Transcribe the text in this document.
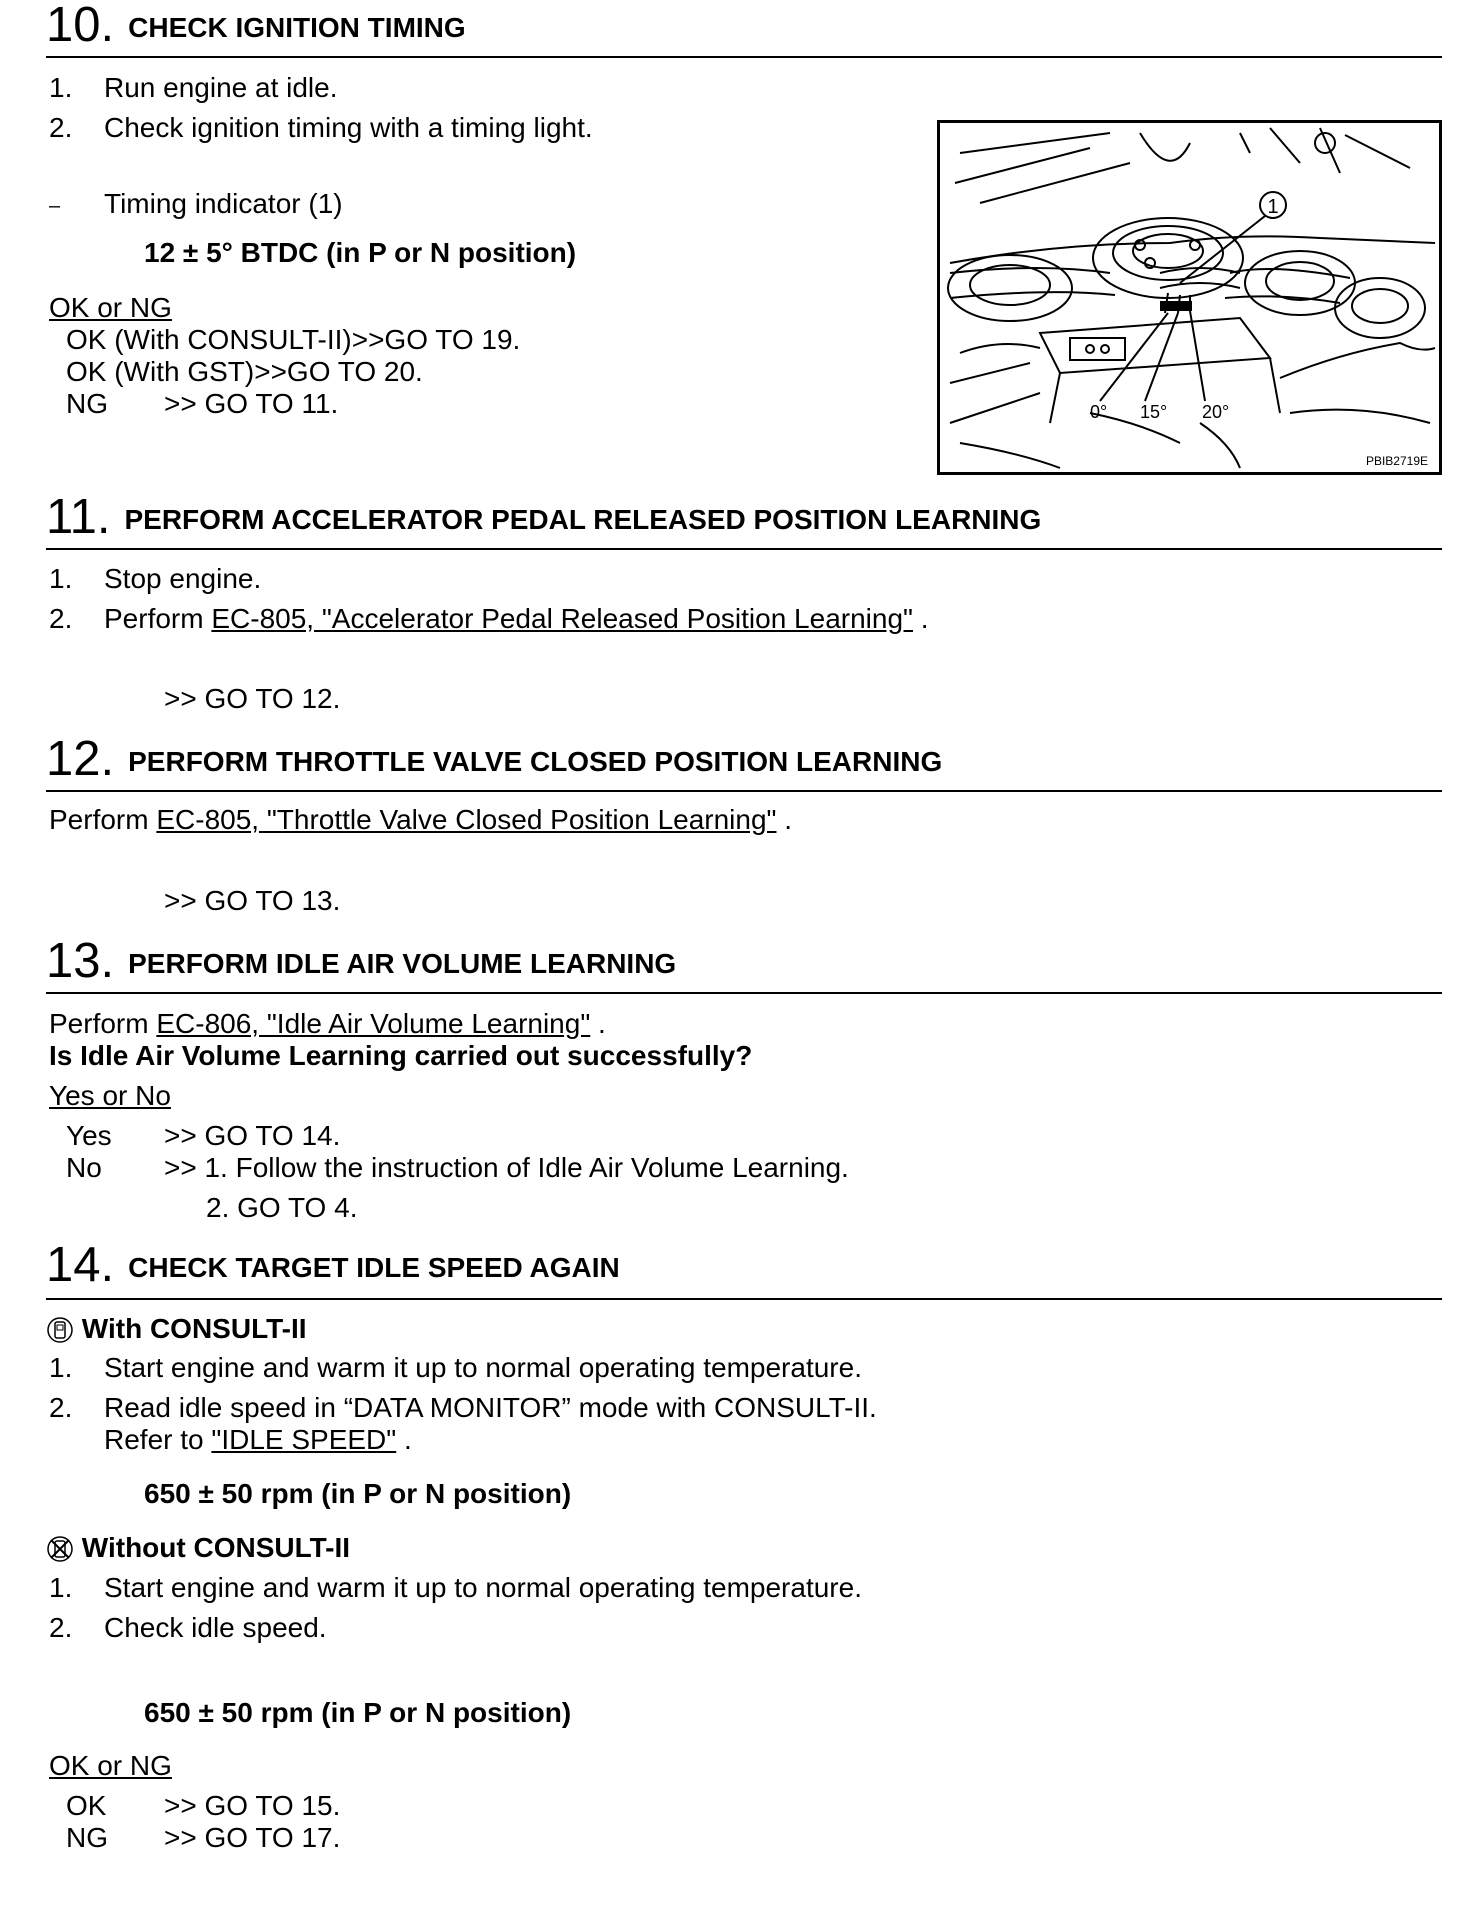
10. CHECK IGNITION TIMING
1. Run engine at idle.
2. Check ignition timing with a timing light.
– Timing indicator (1)
12 ± 5° BTDC (in P or N position)
OK or NG
OK (With CONSULT-II)>>GO TO 19.
OK (With GST)>>GO TO 20.
NG >> GO TO 11.
1
0° 15° 20°
PBIB2719E
11. PERFORM ACCELERATOR PEDAL RELEASED POSITION LEARNING
1. Stop engine.
2. Perform EC-805, "Accelerator Pedal Released Position Learning" .
>> GO TO 12.
12. PERFORM THROTTLE VALVE CLOSED POSITION LEARNING
Perform EC-805, "Throttle Valve Closed Position Learning" .
>> GO TO 13.
13. PERFORM IDLE AIR VOLUME LEARNING
Perform EC-806, "Idle Air Volume Learning" .
Is Idle Air Volume Learning carried out successfully?
Yes or No
Yes >> GO TO 14.
No >> 1. Follow the instruction of Idle Air Volume Learning.
2. GO TO 4.
14. CHECK TARGET IDLE SPEED AGAIN
With CONSULT-II
1. Start engine and warm it up to normal operating temperature.
2. Read idle speed in “DATA MONITOR” mode with CONSULT-II.
Refer to "IDLE SPEED" .
650 ± 50 rpm (in P or N position)
Without CONSULT-II
1. Start engine and warm it up to normal operating temperature.
2. Check idle speed.
650 ± 50 rpm (in P or N position)
OK or NG
OK >> GO TO 15.
NG >> GO TO 17.
